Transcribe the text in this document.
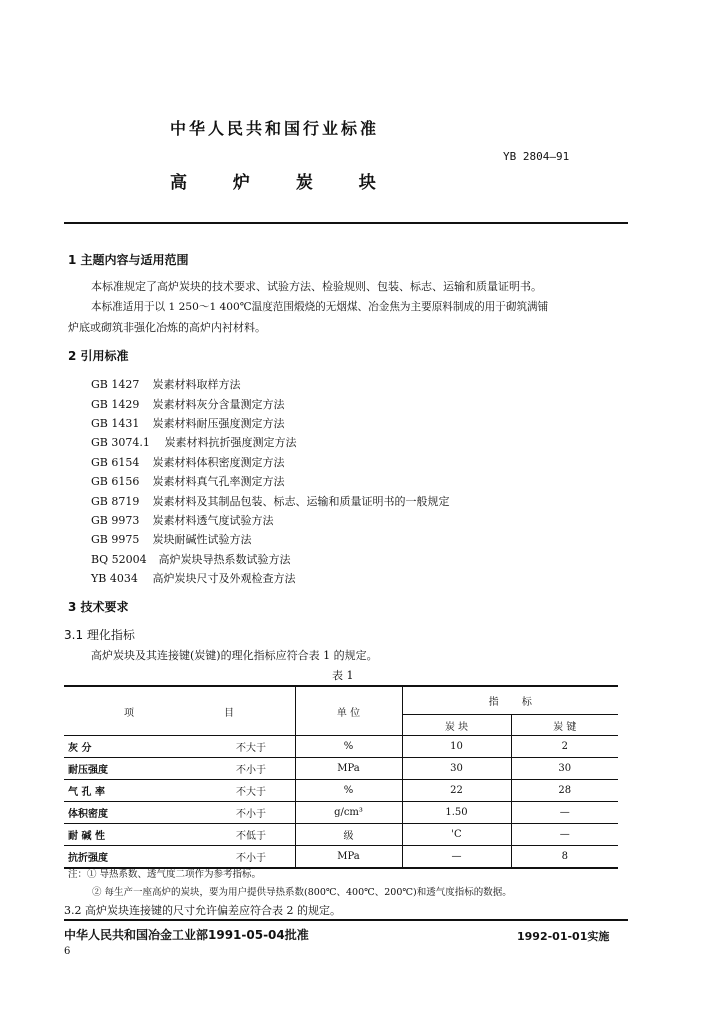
中华人民共和国行业标准
YB 2804—91
高 炉 炭 块
1 主题内容与适用范围
本标准规定了高炉炭块的技术要求、试验方法、检验规则、包装、标志、运输和质量证明书。
本标准适用于以 1 250～1 400℃温度范围煅烧的无烟煤、冶金焦为主要原料制成的用于砌筑满铺
炉底或砌筑非强化冶炼的高炉内衬材料。
2 引用标准
GB 1427 炭素材料取样方法
GB 1429 炭素材料灰分含量测定方法
GB 1431 炭素材料耐压强度测定方法
GB 3074.1 炭素材料抗折强度测定方法
GB 6154 炭素材料体积密度测定方法
GB 6156 炭素材料真气孔率测定方法
GB 8719 炭素材料及其制品包装、标志、运输和质量证明书的一般规定
GB 9973 炭素材料透气度试验方法
GB 9975 炭块耐碱性试验方法
BQ 52004 高炉炭块导热系数试验方法
YB 4034 高炉炭块尺寸及外观检查方法
3 技术要求
3.1 理化指标
高炉炭块及其连接键(炭键)的理化指标应符合表 1 的规定。
表 1
项 目		单 位	指 标	
			炭 块	炭 键
灰 分	不大于	%	10	2
耐压强度	不小于	MPa	30	30
气 孔 率	不大于	%	22	28
体积密度	不小于	g/cm³	1.50	—
耐 碱 性	不低于	级	'C	—
抗折强度	不小于	MPa	—	8
注：① 导热系数、透气度二项作为参考指标。
② 每生产一座高炉的炭块，要为用户提供导热系数(800℃、400℃、200℃)和透气度指标的数据。
3.2 高炉炭块连接键的尺寸允许偏差应符合表 2 的规定。
中华人民共和国冶金工业部1991-05-04批准	1992-01-01实施
6
